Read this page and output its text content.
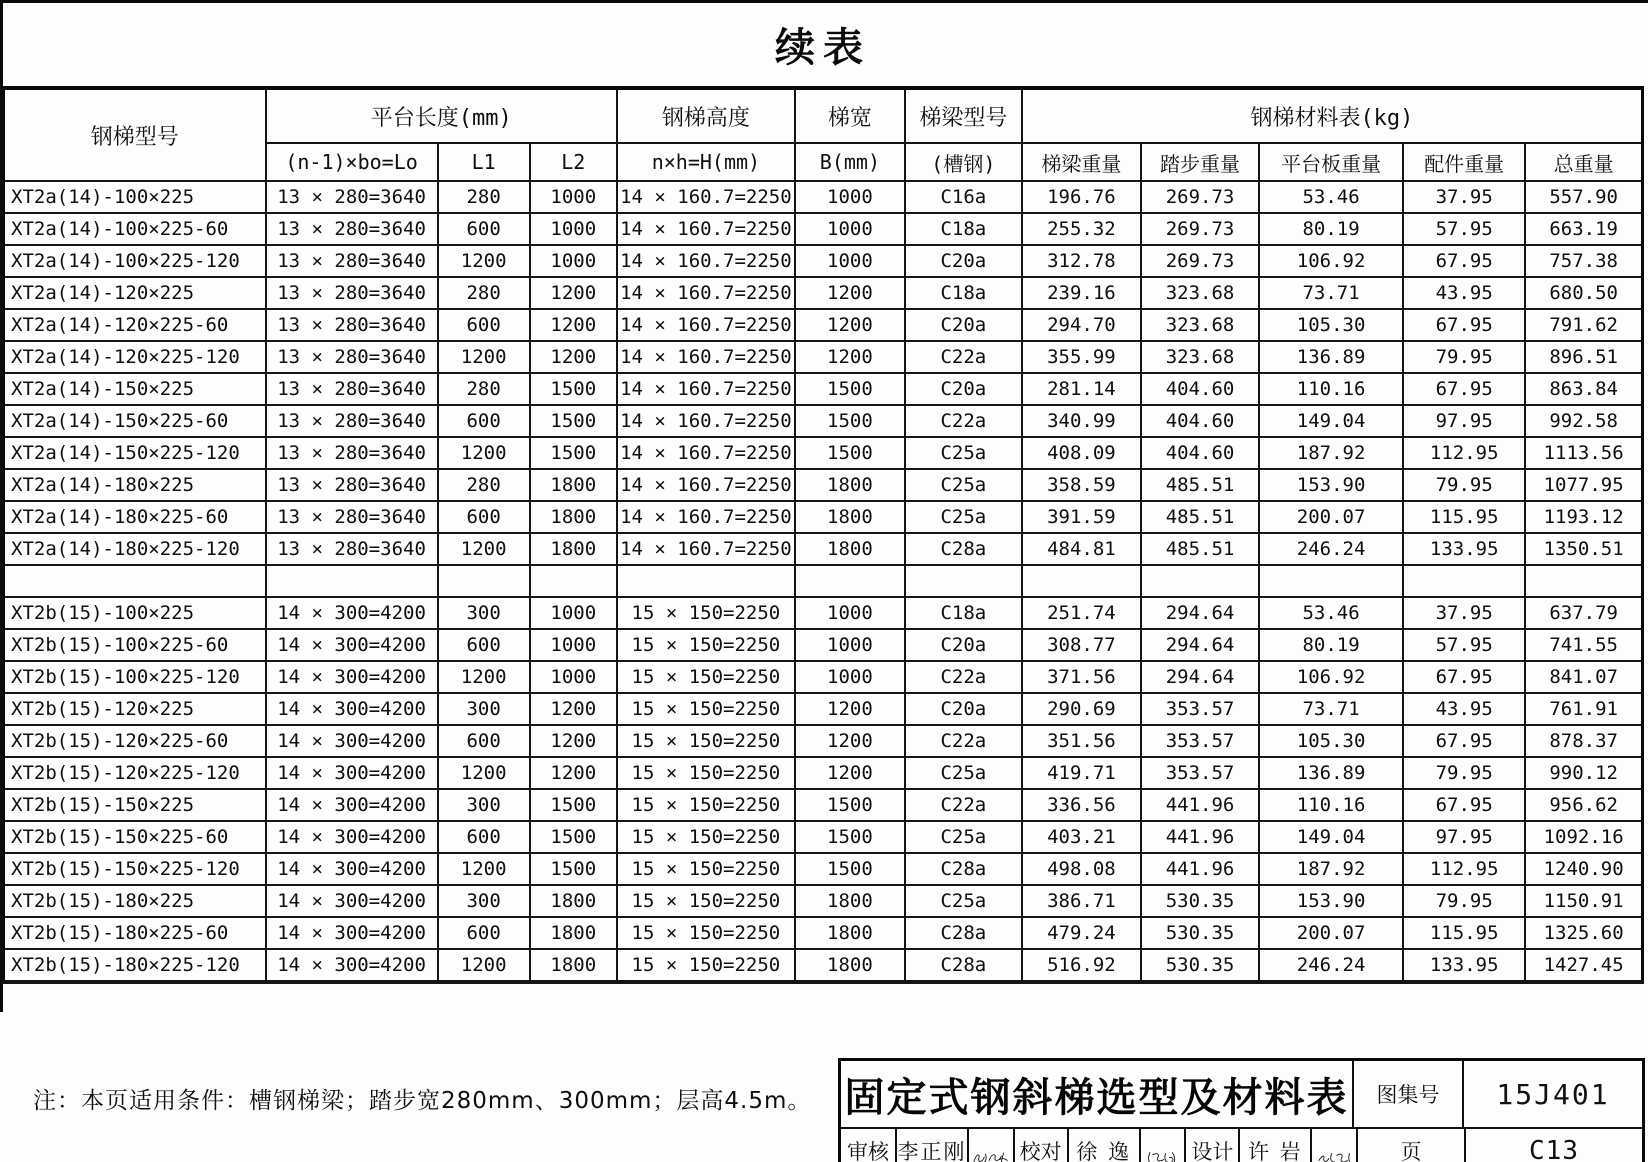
续表
钢梯型号	平台长度(mm)			钢梯高度	梯宽	梯梁型号	钢梯材料表(kg)				
	(n-1)×bo=Lo	L1	L2	n×h=H(mm)	B(mm)	(槽钢)	梯梁重量	踏步重量	平台板重量	配件重量	总重量
XT2a(14)-100×225	13 × 280=3640	280	1000	14 × 160.7=2250	1000	C16a	196.76	269.73	53.46	37.95	557.90
XT2a(14)-100×225-60	13 × 280=3640	600	1000	14 × 160.7=2250	1000	C18a	255.32	269.73	80.19	57.95	663.19
XT2a(14)-100×225-120	13 × 280=3640	1200	1000	14 × 160.7=2250	1000	C20a	312.78	269.73	106.92	67.95	757.38
XT2a(14)-120×225	13 × 280=3640	280	1200	14 × 160.7=2250	1200	C18a	239.16	323.68	73.71	43.95	680.50
XT2a(14)-120×225-60	13 × 280=3640	600	1200	14 × 160.7=2250	1200	C20a	294.70	323.68	105.30	67.95	791.62
XT2a(14)-120×225-120	13 × 280=3640	1200	1200	14 × 160.7=2250	1200	C22a	355.99	323.68	136.89	79.95	896.51
XT2a(14)-150×225	13 × 280=3640	280	1500	14 × 160.7=2250	1500	C20a	281.14	404.60	110.16	67.95	863.84
XT2a(14)-150×225-60	13 × 280=3640	600	1500	14 × 160.7=2250	1500	C22a	340.99	404.60	149.04	97.95	992.58
XT2a(14)-150×225-120	13 × 280=3640	1200	1500	14 × 160.7=2250	1500	C25a	408.09	404.60	187.92	112.95	1113.56
XT2a(14)-180×225	13 × 280=3640	280	1800	14 × 160.7=2250	1800	C25a	358.59	485.51	153.90	79.95	1077.95
XT2a(14)-180×225-60	13 × 280=3640	600	1800	14 × 160.7=2250	1800	C25a	391.59	485.51	200.07	115.95	1193.12
XT2a(14)-180×225-120	13 × 280=3640	1200	1800	14 × 160.7=2250	1800	C28a	484.81	485.51	246.24	133.95	1350.51

XT2b(15)-100×225	14 × 300=4200	300	1000	15 × 150=2250	1000	C18a	251.74	294.64	53.46	37.95	637.79
XT2b(15)-100×225-60	14 × 300=4200	600	1000	15 × 150=2250	1000	C20a	308.77	294.64	80.19	57.95	741.55
XT2b(15)-100×225-120	14 × 300=4200	1200	1000	15 × 150=2250	1000	C22a	371.56	294.64	106.92	67.95	841.07
XT2b(15)-120×225	14 × 300=4200	300	1200	15 × 150=2250	1200	C20a	290.69	353.57	73.71	43.95	761.91
XT2b(15)-120×225-60	14 × 300=4200	600	1200	15 × 150=2250	1200	C22a	351.56	353.57	105.30	67.95	878.37
XT2b(15)-120×225-120	14 × 300=4200	1200	1200	15 × 150=2250	1200	C25a	419.71	353.57	136.89	79.95	990.12
XT2b(15)-150×225	14 × 300=4200	300	1500	15 × 150=2250	1500	C22a	336.56	441.96	110.16	67.95	956.62
XT2b(15)-150×225-60	14 × 300=4200	600	1500	15 × 150=2250	1500	C25a	403.21	441.96	149.04	97.95	1092.16
XT2b(15)-150×225-120	14 × 300=4200	1200	1500	15 × 150=2250	1500	C28a	498.08	441.96	187.92	112.95	1240.90
XT2b(15)-180×225	14 × 300=4200	300	1800	15 × 150=2250	1800	C25a	386.71	530.35	153.90	79.95	1150.91
XT2b(15)-180×225-60	14 × 300=4200	600	1800	15 × 150=2250	1800	C28a	479.24	530.35	200.07	115.95	1325.60
XT2b(15)-180×225-120	14 × 300=4200	1200	1800	15 × 150=2250	1800	C28a	516.92	530.35	246.24	133.95	1427.45
注：本页适用条件：槽钢梯梁；踏步宽280mm、300mm；层高4.5m。 固定式钢斜梯选型及材料表	图集号	15J401
审核 李正刚	校对 徐 逸	设计 许 岩	页	C13
